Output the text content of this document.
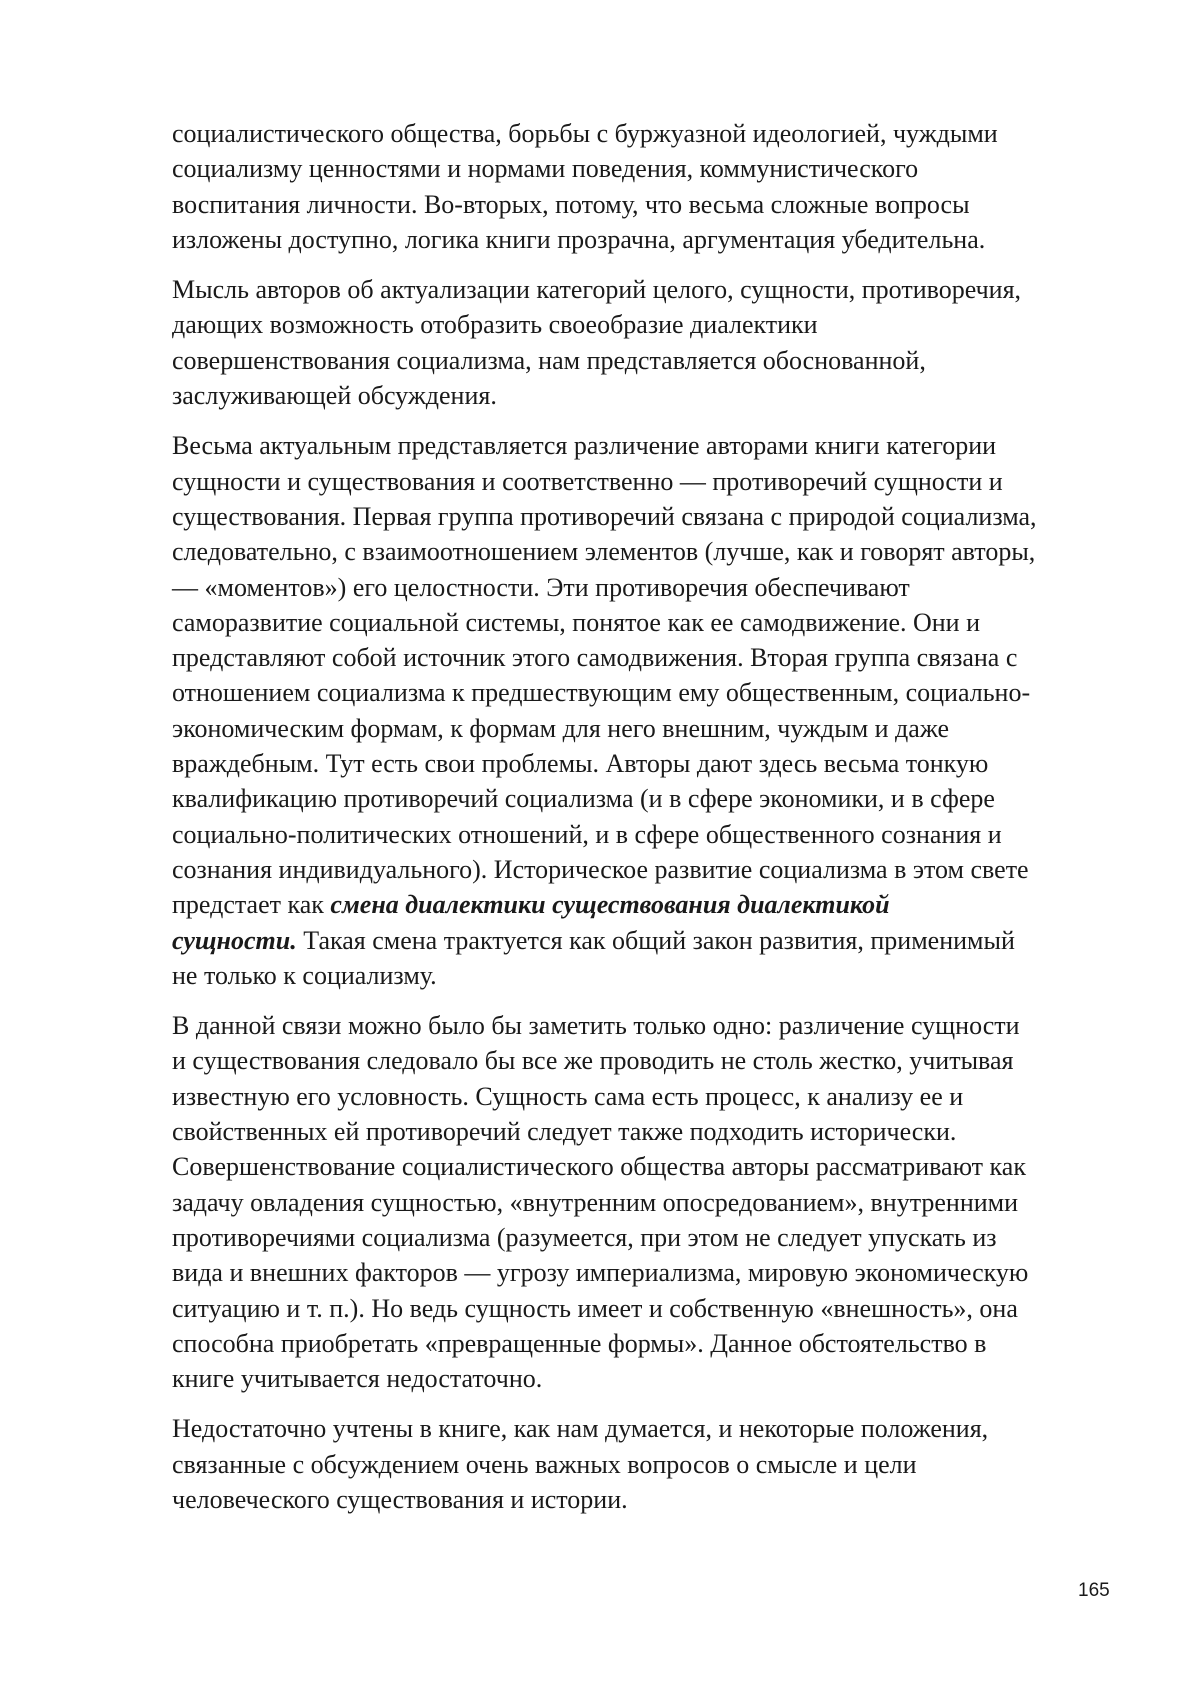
социалистического общества, борьбы с буржуазной идеологией, чуждыми
социализму ценностями и нормами поведения, коммунистического
воспитания личности. Во-вторых, потому, что весьма сложные вопросы
изложены доступно, логика книги прозрачна, аргументация убедительна.

Мысль авторов об актуализации категорий целого, сущности, противоречия,
дающих возможность отобразить своеобразие диалектики
совершенствования социализма, нам представляется обоснованной,
заслуживающей обсуждения.

Весьма актуальным представляется различение авторами книги категории
сущности и существования и соответственно — противоречий сущности и
существования. Первая группа противоречий связана с природой социализма,
следовательно, с взаимоотношением элементов (лучше, как и говорят авторы,
— «моментов») его целостности. Эти противоречия обеспечивают
саморазвитие социальной системы, понятое как ее самодвижение. Они и
представляют собой источник этого самодвижения. Вторая группа связана с
отношением социализма к предшествующим ему общественным, социально-
экономическим формам, к формам для него внешним, чуждым и даже
враждебным. Тут есть свои проблемы. Авторы дают здесь весьма тонкую
квалификацию противоречий социализма (и в сфере экономики, и в сфере
социально-политических отношений, и в сфере общественного сознания и
сознания индивидуального). Историческое развитие социализма в этом свете
предстает как смена диалектики существования диалектикой
сущности. Такая смена трактуется как общий закон развития, применимый
не только к социализму.

В данной связи можно было бы заметить только одно: различение сущности
и существования следовало бы все же проводить не столь жестко, учитывая
известную его условность. Сущность сама есть процесс, к анализу ее и
свойственных ей противоречий следует также подходить исторически.
Совершенствование социалистического общества авторы рассматривают как
задачу овладения сущностью, «внутренним опосредованием», внутренними
противоречиями социализма (разумеется, при этом не следует упускать из
вида и внешних факторов — угрозу империализма, мировую экономическую
ситуацию и т. п.). Но ведь сущность имеет и собственную «внешность», она
способна приобретать «превращенные формы». Данное обстоятельство в
книге учитывается недостаточно.

Недостаточно учтены в книге, как нам думается, и некоторые положения,
связанные с обсуждением очень важных вопросов о смысле и цели
человеческого существования и истории.

165
